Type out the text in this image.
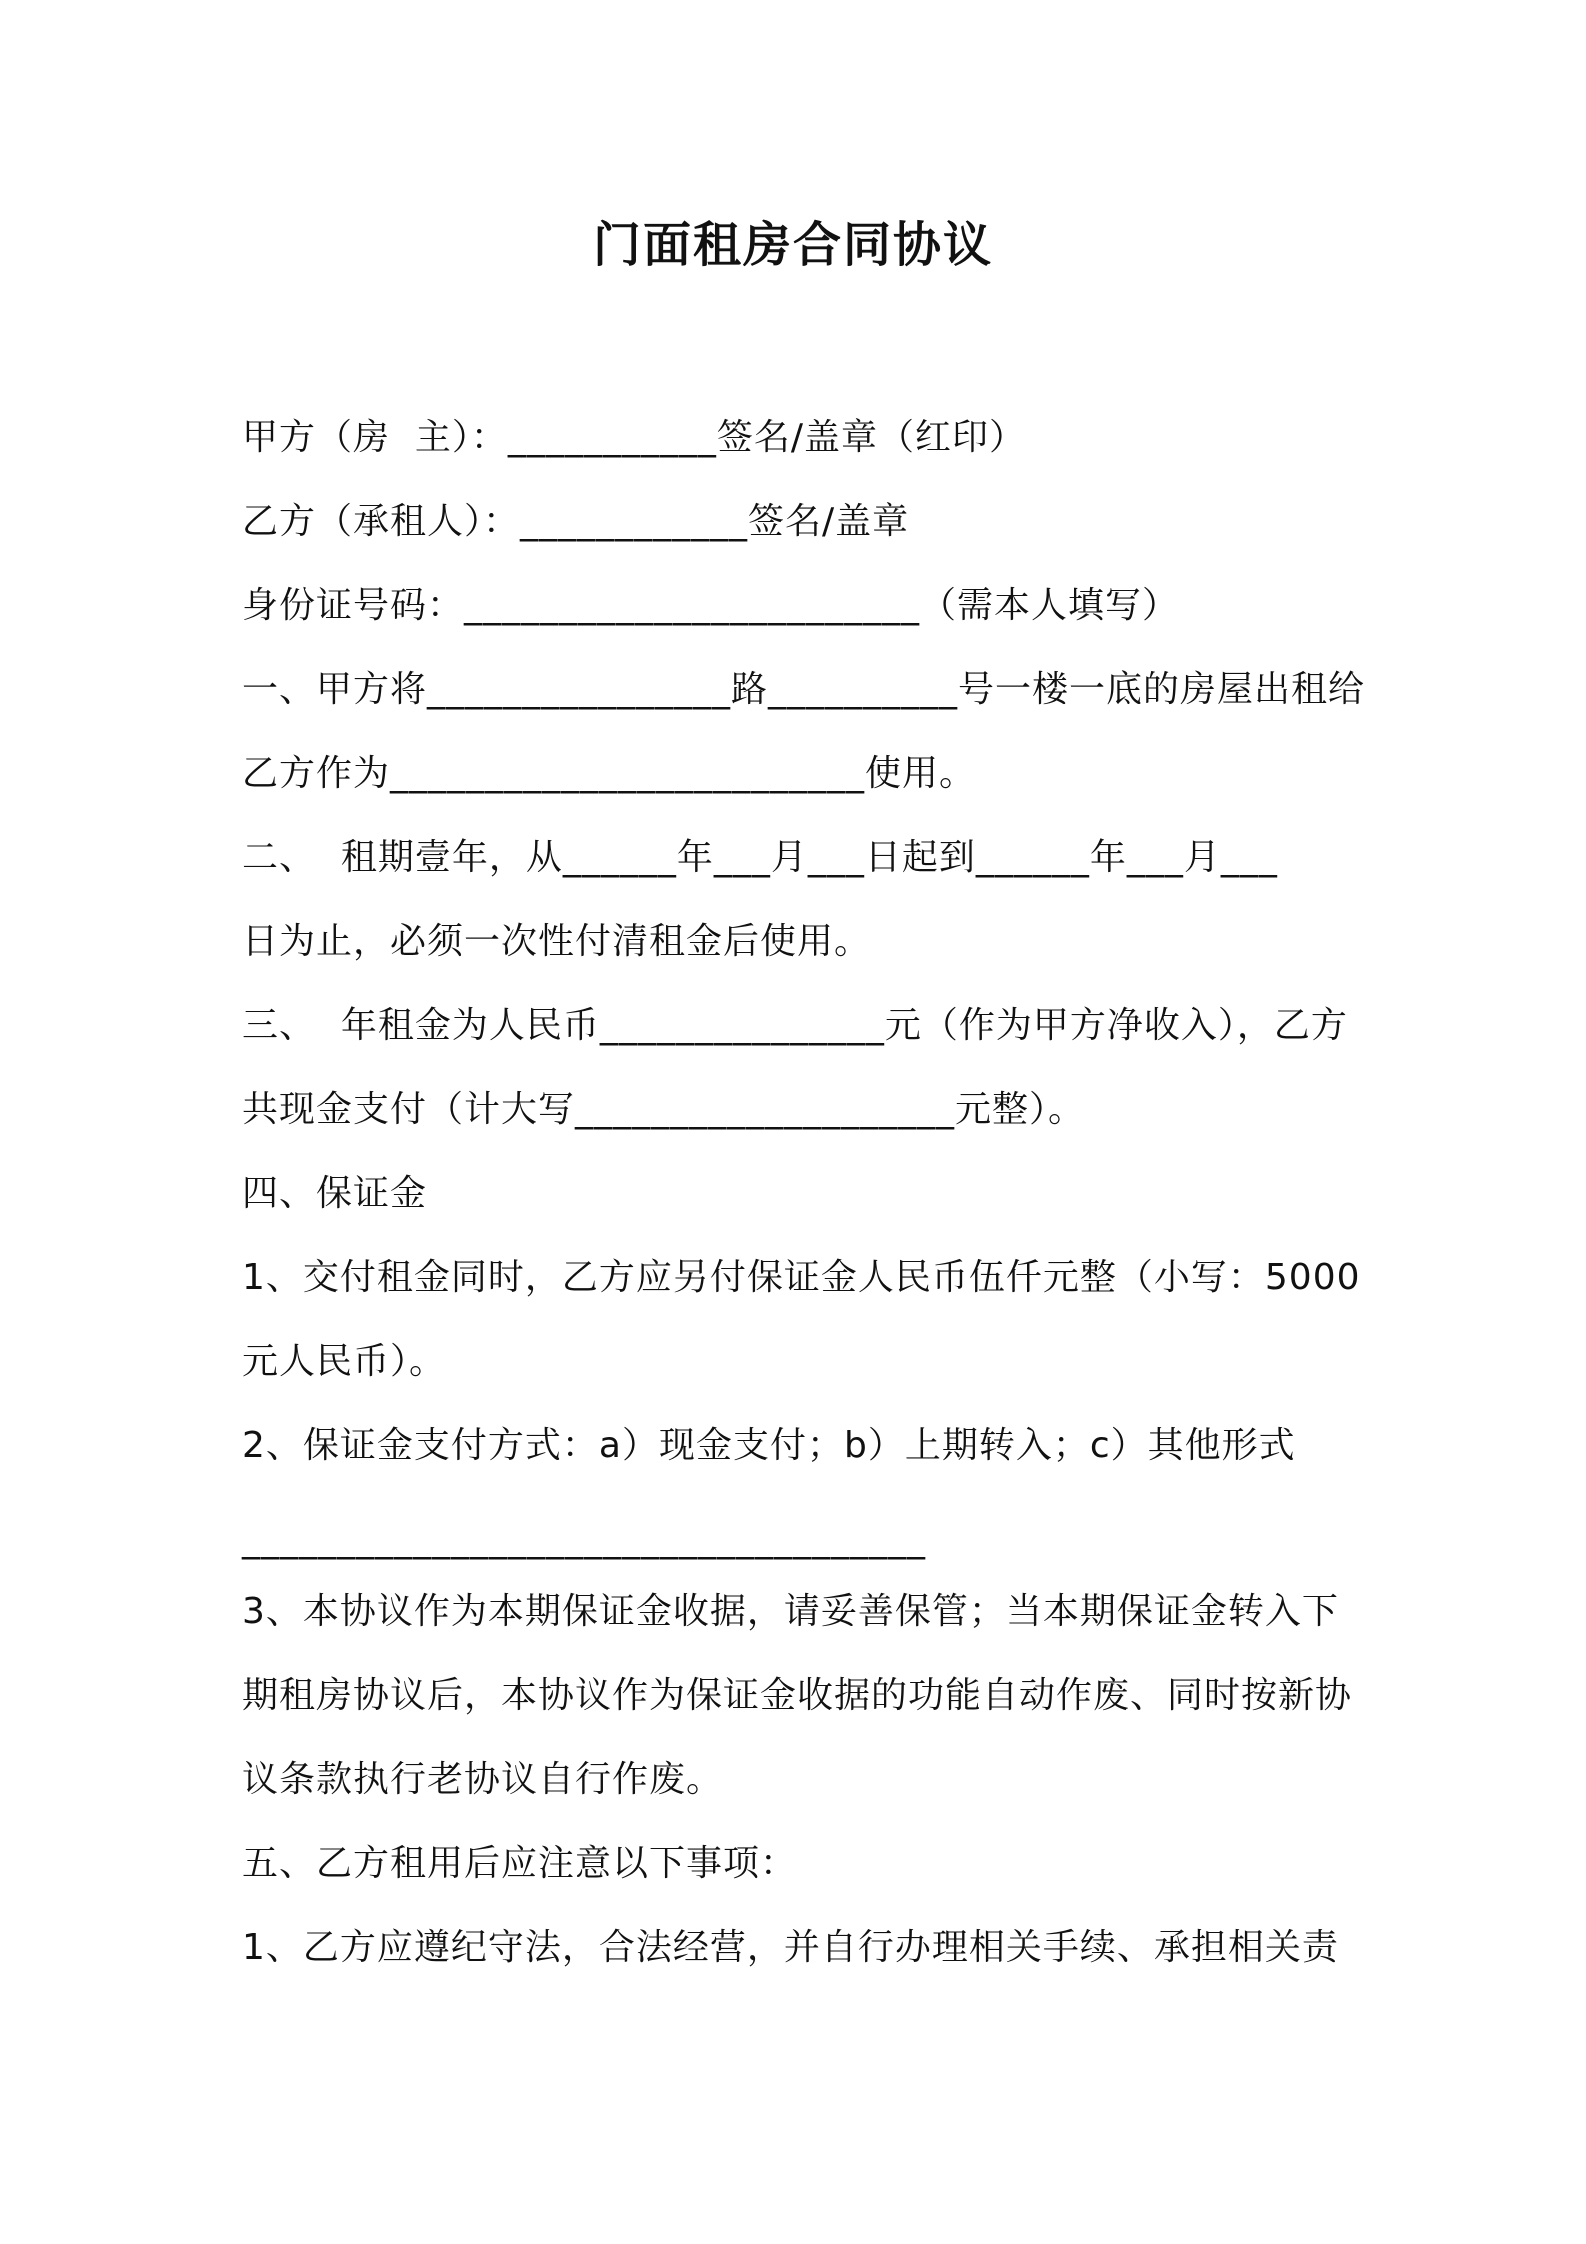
门面租房合同协议
甲方（房  主）：___________签名/盖章（红印）
乙方（承租人）：____________签名/盖章
身份证号码：________________________（需本人填写）
一、甲方将________________路__________号一楼一底的房屋出租给
乙方作为_________________________使用。
二、  租期壹年，从______年___月___日起到______年___月___
日为止，必须一次性付清租金后使用。
三、  年租金为人民币_______________元（作为甲方净收入），乙方
共现金支付（计大写____________________元整）。
四、保证金
1、交付租金同时，乙方应另付保证金人民币伍仟元整（小写：5000
元人民币）。
2、保证金支付方式：a）现金支付；b）上期转入；c）其他形式
____________________________________
3、本协议作为本期保证金收据，请妥善保管；当本期保证金转入下
期租房协议后，本协议作为保证金收据的功能自动作废、同时按新协
议条款执行老协议自行作废。
五、乙方租用后应注意以下事项：
1、乙方应遵纪守法，合法经营，并自行办理相关手续、承担相关责
